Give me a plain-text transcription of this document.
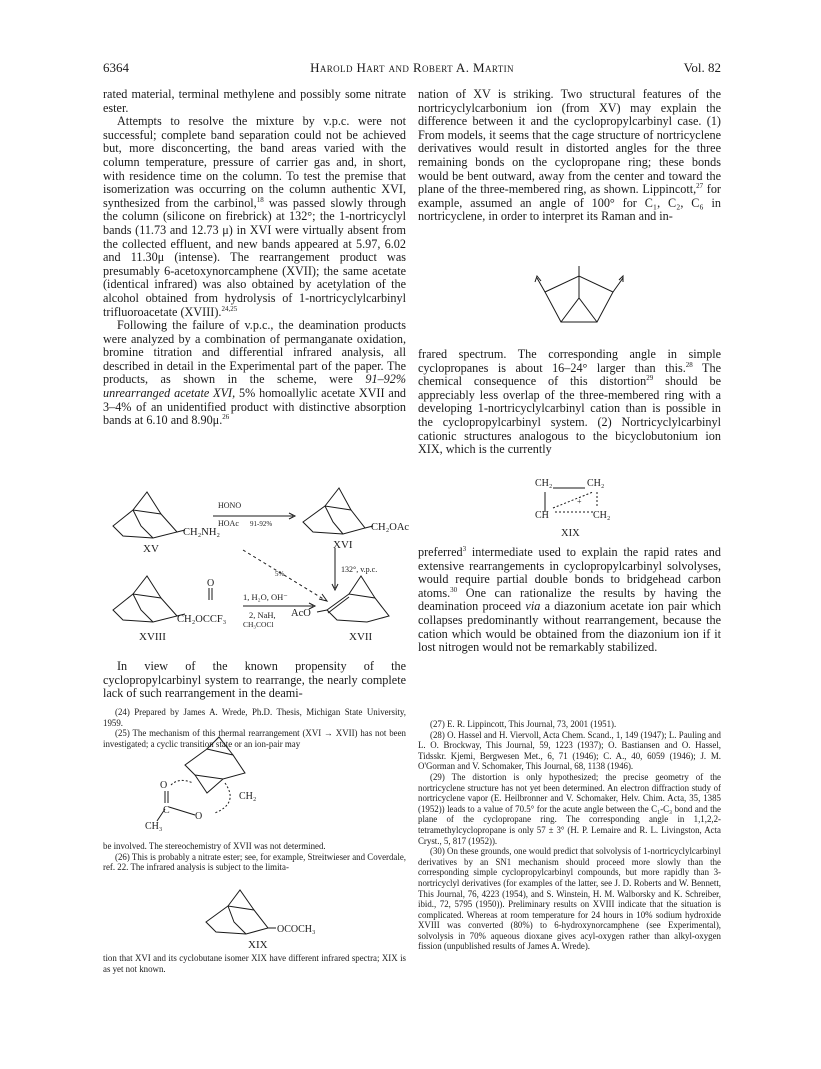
6364	Harold Hart and Robert A. Martin	Vol. 82

rated material, terminal methylene and possibly some nitrate ester.

Attempts to resolve the mixture by v.p.c. were not successful; complete band separation could not be achieved but, more disconcerting, the band areas varied with the column temperature, pressure of carrier gas and, in short, with residence time on the column. To test the premise that isomerization was occurring on the column authentic XVI, synthesized from the carbinol,$^{18}$ was passed slowly through the column (silicone on firebrick) at 132°; the 1-nortricyclyl bands (11.73 and 12.73 μ) in XVI were virtually absent from the collected effluent, and new bands appeared at 5.97, 6.02 and 11.30μ (intense). The rearrangement product was presumably 6-acetoxynorcamphene (XVII); the same acetate (identical infrared) was also obtained by acetylation of the alcohol obtained from hydrolysis of 1-nortricyclylcarbinyl trifluoroacetate (XVIII).$^{24,25}$

Following the failure of v.p.c., the deamination products were analyzed by a combination of permanganate oxidation, bromine titration and differential infrared analysis, all described in detail in the Experimental part of the paper. The products, as shown in the scheme, were 91–92% unrearranged acetate XVI, 5% homoallylic acetate XVII and 3–4% of an unidentified product with distinctive absorption bands at 6.10 and 8.90μ.$^{26}$

XV
CH₂NH₂
HONO
HOAc 91-92%
XVI
CH₂OAc
5%	132°, v.p.c.
O
1, H₂O, OH⁻
2, NaH,
CH₃COCl
CH₂OCCF₃
XVIII
AcO
XVII

In view of the known propensity of the cyclopropylcarbinyl system to rearrange, the nearly complete lack of such rearrangement in the deami-

(24) Prepared by James A. Wrede, Ph.D. Thesis, Michigan State University, 1959.

(25) The mechanism of this thermal rearrangement (XVI → XVII) has not been investigated; a cyclic transition state or an ion-pair may

O
C
CH₂
O
CH₃

be involved. The stereochemistry of XVII was not determined.

(26) This is probably a nitrate ester; see, for example, Streitwieser and Coverdale, ref. 22. The infrared analysis is subject to the limita-

OCOCH₃
XIX

tion that XVI and its cyclobutane isomer XIX have different infrared spectra; XIX is as yet not known.

nation of XV is striking. Two structural features of the nortricyclylcarbonium ion (from XV) may explain the difference between it and the cyclopropylcarbinyl case. (1) From models, it seems that the cage structure of nortricyclene derivatives would result in distorted angles for the three remaining bonds on the cyclopropane ring; these bonds would be bent outward, away from the center and toward the plane of the three-membered ring, as shown. Lippincott,$^{27}$ for example, assumed an angle of 100° for C₁, C₂, C₆ in nortricyclene, in order to interpret its Raman and in-

frared spectrum. The corresponding angle in simple cyclopropanes is about 16–24° larger than this.$^{28}$ The chemical consequence of this distortion$^{29}$ should be appreciably less overlap of the three-membered ring with a developing 1-nortricyclylcarbinyl cation than is possible in the cyclopropylcarbinyl system. (2) Nortricyclylcarbinyl cationic structures analogous to the bicyclobutonium ion XIX, which is the currently

CH₂	CH₂
CH	CH₂
+
XIX

preferred$^3$ intermediate used to explain the rapid rates and extensive rearrangements in cyclopropylcarbinyl solvolyses, would require partial double bonds to bridgehead carbon atoms.$^{30}$ One can rationalize the results by having the deamination proceed via a diazonium acetate ion pair which collapses predominantly without rearrangement, because the cation which would be obtained from the diazonium ion if it lost nitrogen would not be remarkably stabilized.

(27) E. R. Lippincott, This Journal, 73, 2001 (1951).

(28) O. Hassel and H. Viervoll, Acta Chem. Scand., 1, 149 (1947); L. Pauling and L. O. Brockway, This Journal, 59, 1223 (1937); O. Bastiansen and O. Hassel, Tidsskr. Kjemi, Bergwesen Met., 6, 71 (1946); C. A., 40, 6059 (1946); J. M. O'Gorman and V. Schomaker, This Journal, 68, 1138 (1946).

(29) The distortion is only hypothesized; the precise geometry of the nortricyclene structure has not yet been determined. An electron diffraction study of nortricyclene vapor (E. Heilbronner and V. Schomaker, Helv. Chim. Acta, 35, 1385 (1952)) leads to a value of 70.5° for the acute angle between the C₁-C₃ bond and the plane of the cyclopropane ring. The corresponding angle in 1,1,2,2-tetramethylcyclopropane is only 57 ± 3° (H. P. Lemaire and R. L. Livingston, Acta Cryst., 5, 817 (1952)).

(30) On these grounds, one would predict that solvolysis of 1-nortricyclylcarbinyl derivatives by an SN1 mechanism should proceed more slowly than the corresponding simple cyclopropylcarbinyl compounds, but more rapidly than 3-nortricyclyl derivatives (for examples of the latter, see J. D. Roberts and W. Bennett, This Journal, 76, 4223 (1954), and S. Winstein, H. M. Walborsky and K. Schreiber, ibid., 72, 5795 (1950)). Preliminary results on XVIII indicate that the situation is complicated. Whereas at room temperature for 24 hours in 10% sodium hydroxide XVIII was converted (80%) to 6-hydroxynorcamphene (see Experimental), solvolysis in 70% aqueous dioxane gives acyl-oxygen rather than alkyl-oxygen fission (unpublished results of James A. Wrede).
